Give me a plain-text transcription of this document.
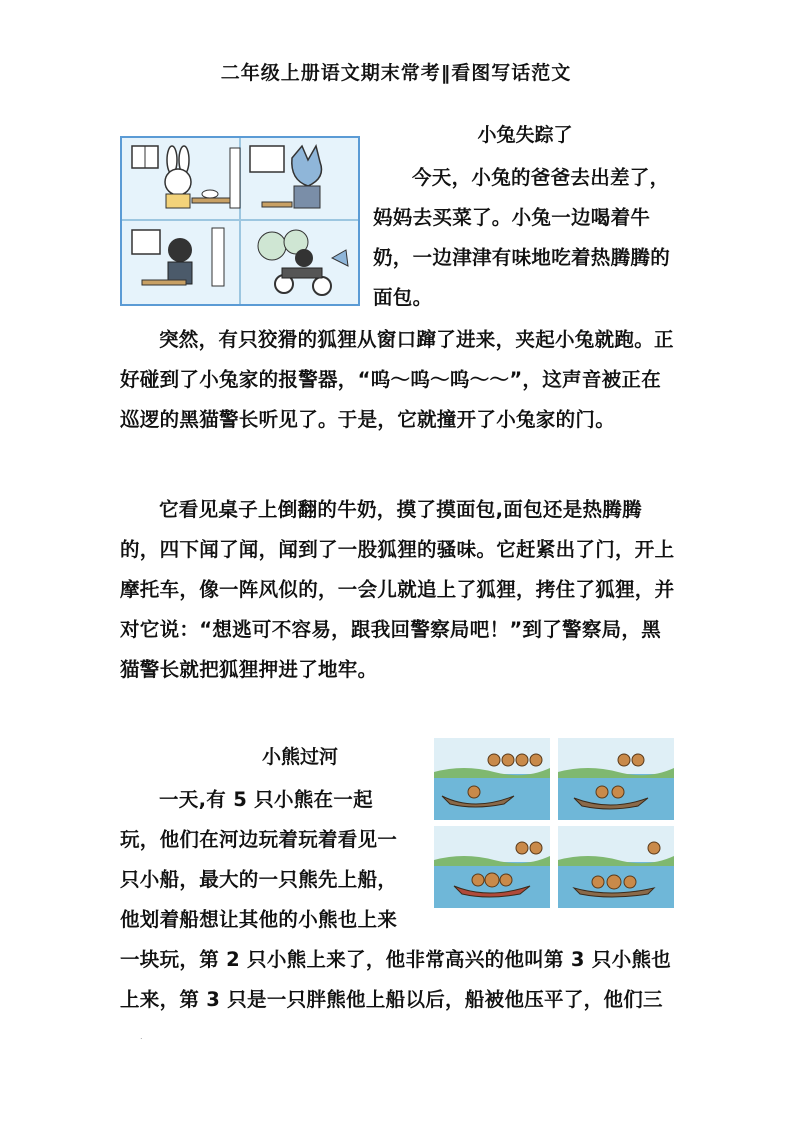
二年级上册语文期末常考‖看图写话范文
小兔失踪了

今天，小兔的爸爸去出差了，妈妈去买菜了。小兔一边喝着牛奶，一边津津有味地吃着热腾腾的面包。

突然，有只狡猾的狐狸从窗口蹿了进来，夹起小兔就跑。正好碰到了小兔家的报警器，“呜～呜～呜～～”，这声音被正在巡逻的黑猫警长听见了。于是，它就撞开了小兔家的门。

它看见桌子上倒翻的牛奶，摸了摸面包,面包还是热腾腾的，四下闻了闻，闻到了一股狐狸的骚味。它赶紧出了门，开上摩托车，像一阵风似的，一会儿就追上了狐狸，拷住了狐狸，并对它说：“想逃可不容易，跟我回警察局吧！”到了警察局，黑猫警长就把狐狸押进了地牢。

小熊过河

一天,有 5 只小熊在一起玩，他们在河边玩着玩着看见一只小船，最大的一只熊先上船，他划着船想让其他的小熊也上来一块玩，第 2 只小熊上来了，他非常高兴的他叫第 3 只小熊也上来，第 3 只是一只胖熊他上船以后，船被他压平了，他们三

.
